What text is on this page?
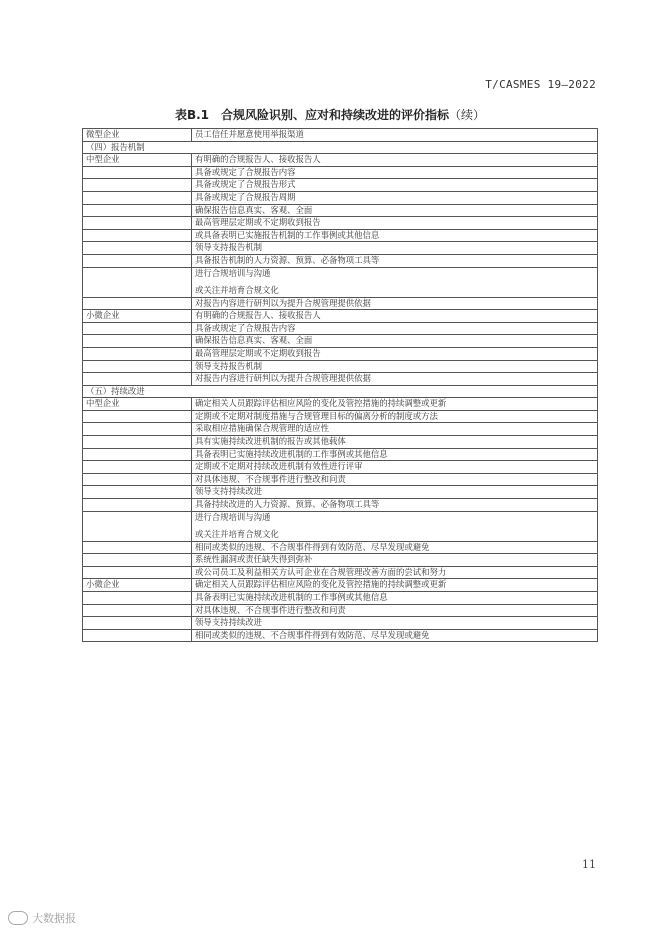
T/CASMES 19—2022
表B.1　合规风险识别、应对和持续改进的评价指标（续）
微型企业	员工信任并愿意使用举报渠道
（四）报告机制	
中型企业	有明确的合规报告人、接收报告人
	具备或规定了合规报告内容
	具备或规定了合规报告形式
	具备或规定了合规报告周期
	确保报告信息真实、客观、全面
	最高管理层定期或不定期收到报告
	或具备表明已实施报告机制的工作事例或其他信息
	领导支持报告机制
	具备报告机制的人力资源、预算、必备物项工具等

	进行合规培训与沟通
或关注并培育合规文化

	对报告内容进行研判以为提升合规管理提供依据
小微企业	有明确的合规报告人、接收报告人
	具备或规定了合规报告内容
	确保报告信息真实、客观、全面
	最高管理层定期或不定期收到报告
	领导支持报告机制
	对报告内容进行研判以为提升合规管理提供依据
（五）持续改进	
中型企业	确定相关人员跟踪评估相应风险的变化及管控措施的持续调整或更新
	定期或不定期对制度措施与合规管理目标的偏离分析的制度或方法
	采取相应措施确保合规管理的适应性
	具有实施持续改进机制的报告或其他载体
	具备表明已实施持续改进机制的工作事例或其他信息
	定期或不定期对持续改进机制有效性进行评审
	对具体违规、不合规事件进行整改和问责
	领导支持持续改进
	具备持续改进的人力资源、预算、必备物项工具等

	进行合规培训与沟通
或关注并培育合规文化

	相同或类似的违规、不合规事件得到有效防范、尽早发现或避免
	系统性漏洞或责任缺失得到弥补
	或公司员工及利益相关方认可企业在合规管理改善方面的尝试和努力
小微企业	确定相关人员跟踪评估相应风险的变化及管控措施的持续调整或更新
	具备表明已实施持续改进机制的工作事例或其他信息
	对具体违规、不合规事件进行整改和问责
	领导支持持续改进
	相同或类似的违规、不合规事件得到有效防范、尽早发现或避免
11
大数据报
